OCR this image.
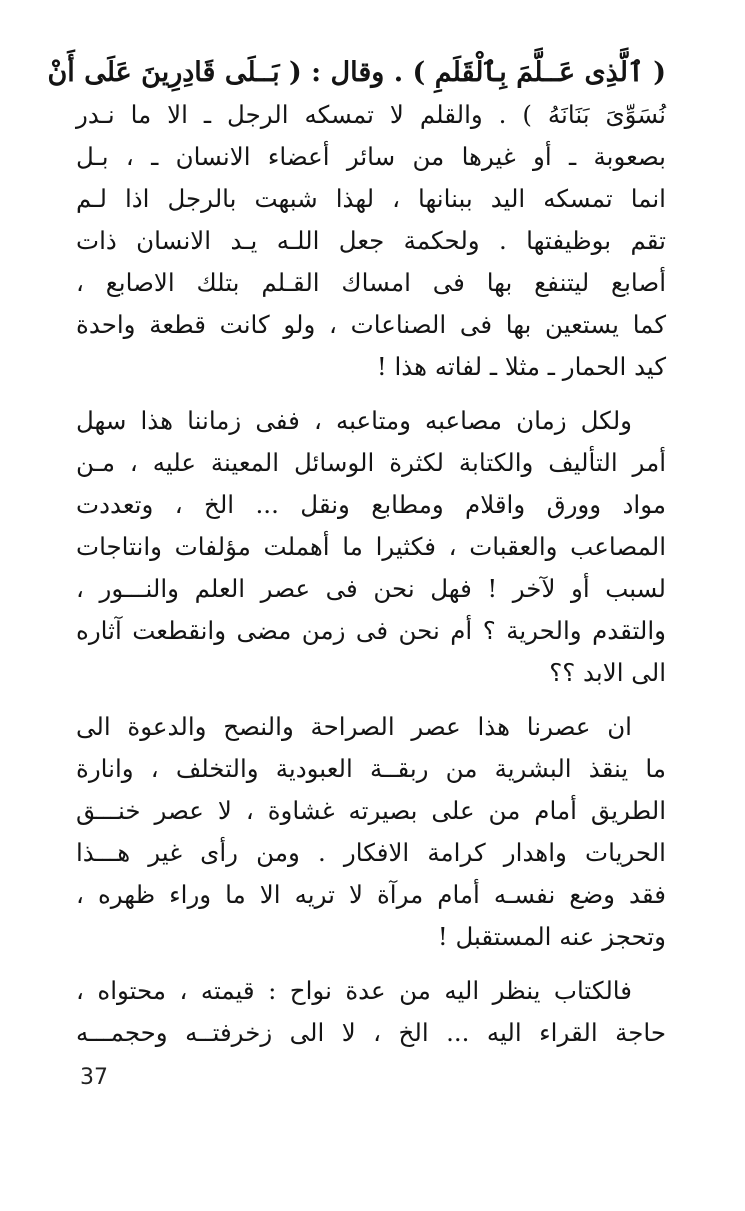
( ٱلَّذِى عَــلَّمَ بِٱلْقَلَمِ ) . وقال : ( بَــلَى قَادِرِينَ عَلَى أَنْ
نُسَوِّىَ بَنَانَهُ ) . والقلم لا تمسكه الرجل ـ الا ما نـدر
بصعوبة ـ أو غيرها من سائر أعضاء الانسان ـ ، بـل
انما تمسكه اليد ببنانها ، لهذا شبهت بالرجل اذا لـم
تقم بوظيفتها . ولحكمة جعل اللـه يـد الانسان ذات
أصابع ليتنفع بها فى امساك القـلم بتلك الاصابع ،
كما يستعين بها فى الصناعات ، ولو كانت قطعة واحدة
كيد الحمار ـ مثلا ـ لفاته هذا !
ولكل زمان مصاعبه ومتاعبه ، ففى زماننا هذا سهل
أمر التأليف والكتابة لكثرة الوسائل المعينة عليه ، مـن
مواد وورق واقلام ومطابع ونقل ... الخ ، وتعددت
المصاعب والعقبات ، فكثيرا ما أهملت مؤلفات وانتاجات
لسبب أو لآخر ! فهل نحن فى عصر العلم والنـــور ،
والتقدم والحرية ؟ أم نحن فى زمن مضى وانقطعت آثاره
الى الابد ؟؟
ان عصرنا هذا عصر الصراحة والنصح والدعوة الى
ما ينقذ البشرية من ربقــة العبودية والتخلف ، وانارة
الطريق أمام من على بصيرته غشاوة ، لا عصر خنـــق
الحريات واهدار كرامة الافكار . ومن رأى غير هـــذا
فقد وضع نفسـه أمام مرآة لا تريه الا ما وراء ظهره ،
وتحجز عنه المستقبل !
فالكتاب ينظر اليه من عدة نواح : قيمته ، محتواه ،
حاجة القراء اليه ... الخ ، لا الى زخرفتــه وحجمـــه
37
